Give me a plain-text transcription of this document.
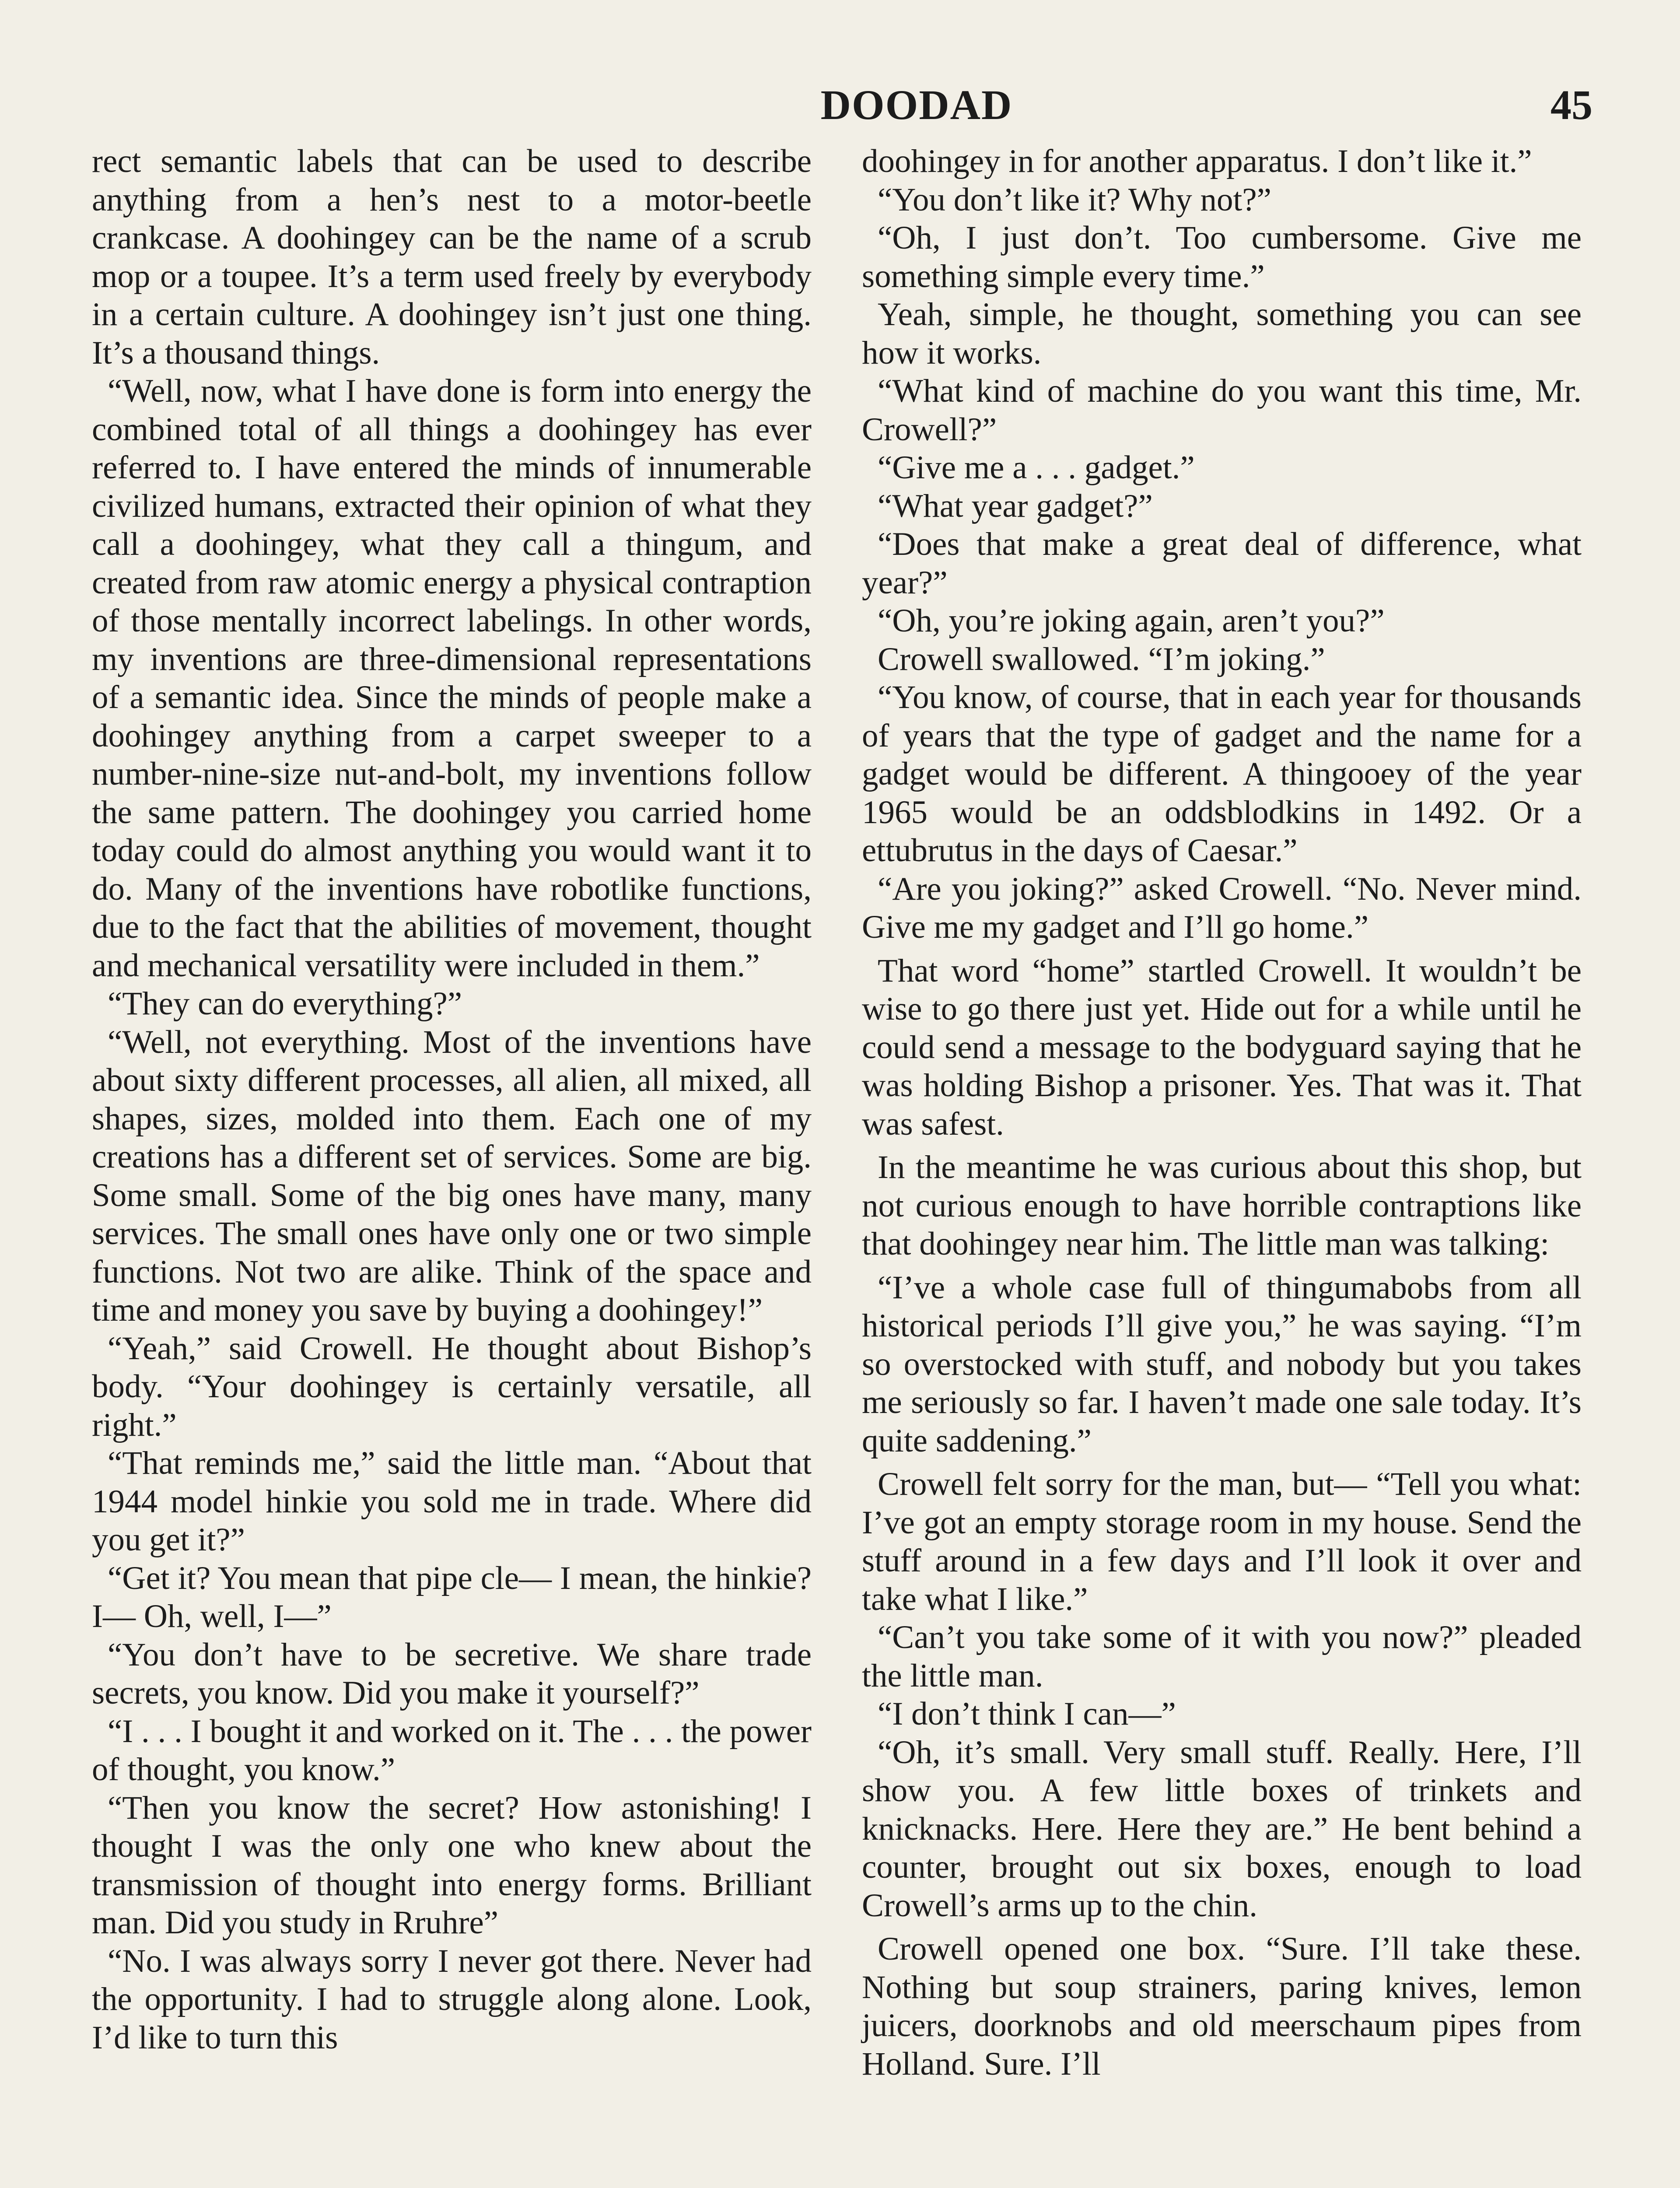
DOODAD	45

rect semantic labels that can be used to describe anything from a hen’s nest to a motor-beetle crankcase. A doohingey can be the name of a scrub mop or a toupee. It’s a term used freely by everybody in a certain culture. A doohingey isn’t just one thing. It’s a thousand things.

“Well, now, what I have done is form into energy the combined total of all things a doohingey has ever referred to. I have entered the minds of innumerable civilized humans, extracted their opinion of what they call a doohingey, what they call a thingum, and created from raw atomic energy a physical contraption of those mentally incorrect labelings. In other words, my inventions are three-dimensional representations of a semantic idea. Since the minds of people make a doohingey anything from a carpet sweeper to a number-nine-size nut-and-bolt, my inventions follow the same pattern. The doohingey you carried home today could do almost anything you would want it to do. Many of the inventions have robotlike functions, due to the fact that the abilities of movement, thought and mechanical versatility were included in them.”

“They can do everything?”

“Well, not everything. Most of the inventions have about sixty different processes, all alien, all mixed, all shapes, sizes, molded into them. Each one of my creations has a different set of services. Some are big. Some small. Some of the big ones have many, many services. The small ones have only one or two simple functions. Not two are alike. Think of the space and time and money you save by buying a doohingey!”

“Yeah,” said Crowell. He thought about Bishop’s body. “Your doohingey is certainly versatile, all right.”

“That reminds me,” said the little man. “About that 1944 model hinkie you sold me in trade. Where did you get it?”

“Get it? You mean that pipe cle— I mean, the hinkie? I— Oh, well, I—”

“You don’t have to be secretive. We share trade secrets, you know. Did you make it yourself?”

“I . . . I bought it and worked on it. The . . . the power of thought, you know.”

“Then you know the secret? How astonishing! I thought I was the only one who knew about the transmission of thought into energy forms. Brilliant man. Did you study in Rruhre”

“No. I was always sorry I never got there. Never had the opportunity. I had to struggle along alone. Look, I’d like to turn this

doohingey in for another apparatus. I don’t like it.”

“You don’t like it? Why not?”

“Oh, I just don’t. Too cumbersome. Give me something simple every time.”

Yeah, simple, he thought, something you can see how it works.

“What kind of machine do you want this time, Mr. Crowell?”

“Give me a . . . gadget.”

“What year gadget?”

“Does that make a great deal of difference, what year?”

“Oh, you’re joking again, aren’t you?”

Crowell swallowed. “I’m joking.”

“You know, of course, that in each year for thousands of years that the type of gadget and the name for a gadget would be different. A thingooey of the year 1965 would be an oddsblodkins in 1492. Or a ettubrutus in the days of Caesar.”

“Are you joking?” asked Crowell. “No. Never mind. Give me my gadget and I’ll go home.”

That word “home” startled Crowell. It wouldn’t be wise to go there just yet. Hide out for a while until he could send a message to the bodyguard saying that he was holding Bishop a prisoner. Yes. That was it. That was safest.

In the meantime he was curious about this shop, but not curious enough to have horrible contraptions like that doohingey near him. The little man was talking:

“I’ve a whole case full of thingumabobs from all historical periods I’ll give you,” he was saying. “I’m so overstocked with stuff, and nobody but you takes me seriously so far. I haven’t made one sale today. It’s quite saddening.”

Crowell felt sorry for the man, but— “Tell you what: I’ve got an empty storage room in my house. Send the stuff around in a few days and I’ll look it over and take what I like.”

“Can’t you take some of it with you now?” pleaded the little man.

“I don’t think I can—”

“Oh, it’s small. Very small stuff. Really. Here, I’ll show you. A few little boxes of trinkets and knicknacks. Here. Here they are.” He bent behind a counter, brought out six boxes, enough to load Crowell’s arms up to the chin.

Crowell opened one box. “Sure. I’ll take these. Nothing but soup strainers, paring knives, lemon juicers, doorknobs and old meerschaum pipes from Holland. Sure. I’ll
